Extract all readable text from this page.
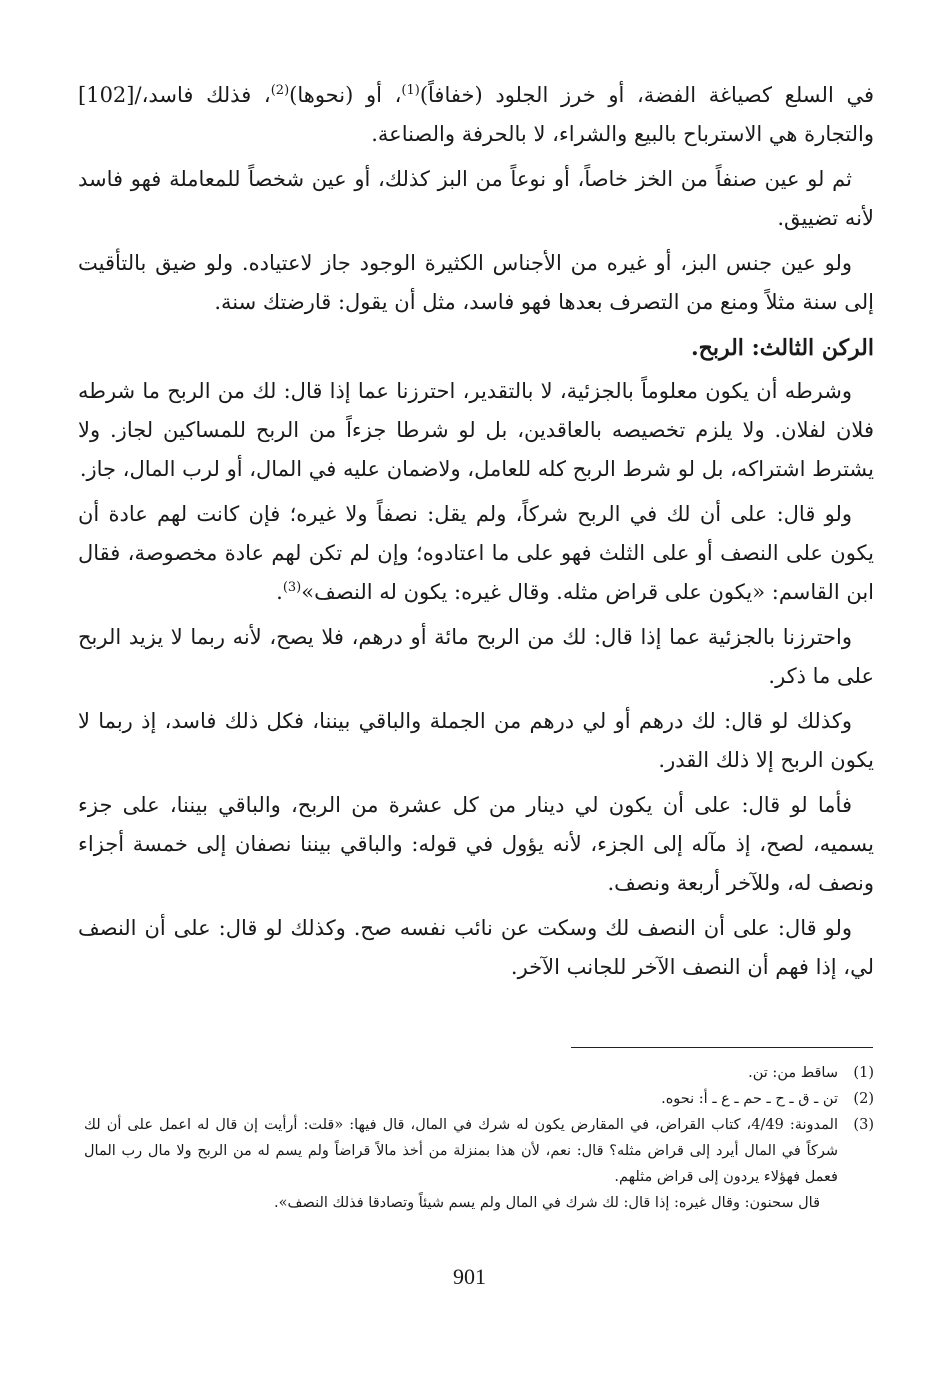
في السلع كصياغة الفضة، أو خرز الجلود (خفافاً)$^{(1)}$، أو (نحوها)$^{(2)}$، فذلك فاسد،/[102] والتجارة هي الاسترباح بالبيع والشراء، لا بالحرفة والصناعة.

ثم لو عين صنفاً من الخز خاصاً، أو نوعاً من البز كذلك، أو عين شخصاً للمعاملة فهو فاسد لأنه تضييق.

ولو عين جنس البز، أو غيره من الأجناس الكثيرة الوجود جاز لاعتياده. ولو ضيق بالتأقيت إلى سنة مثلاً ومنع من التصرف بعدها فهو فاسد، مثل أن يقول: قارضتك سنة.

الركن الثالث: الربح.

وشرطه أن يكون معلوماً بالجزئية، لا بالتقدير، احترزنا عما إذا قال: لك من الربح ما شرطه فلان لفلان. ولا يلزم تخصيصه بالعاقدين، بل لو شرطا جزءاً من الربح للمساكين لجاز. ولا يشترط اشتراكه، بل لو شرط الربح كله للعامل، ولاضمان عليه في المال، أو لرب المال، جاز.

ولو قال: على أن لك في الربح شركاً، ولم يقل: نصفاً ولا غيره؛ فإن كانت لهم عادة أن يكون على النصف أو على الثلث فهو على ما اعتادوه؛ وإن لم تكن لهم عادة مخصوصة، فقال ابن القاسم: «يكون على قراض مثله. وقال غيره: يكون له النصف»$^{(3)}$.

واحترزنا بالجزئية عما إذا قال: لك من الربح مائة أو درهم، فلا يصح، لأنه ربما لا يزيد الربح على ما ذكر.

وكذلك لو قال: لك درهم أو لي درهم من الجملة والباقي بيننا، فكل ذلك فاسد، إذ ربما لا يكون الربح إلا ذلك القدر.

فأما لو قال: على أن يكون لي دينار من كل عشرة من الربح، والباقي بيننا، على جزء يسميه، لصح، إذ مآله إلى الجزء، لأنه يؤول في قوله: والباقي بيننا نصفان إلى خمسة أجزاء ونصف له، وللآخر أربعة ونصف.

ولو قال: على أن النصف لك وسكت عن نائب نفسه صح. وكذلك لو قال: على أن النصف لي، إذا فهم أن النصف الآخر للجانب الآخر.

(1)
ساقط من: تن.
(2)
تن ـ ق ـ ح ـ حم ـ ع ـ أ: نحوه.
(3)
المدونة: 4/49، كتاب القراض، في المقارض يكون له شرك في المال، قال فيها: «قلت: أرأيت إن قال له اعمل على أن لك شركاً في المال أيرد إلى قراض مثله؟ قال: نعم، لأن هذا بمنزلة من أخذ مالاً قراضاً ولم يسم له من الربح ولا مال رب المال فعمل فهؤلاء يردون إلى قراض مثلهم.
قال سحنون: وقال غيره: إذا قال: لك شرك في المال ولم يسم شيئاً وتصادقا فذلك النصف».
901
